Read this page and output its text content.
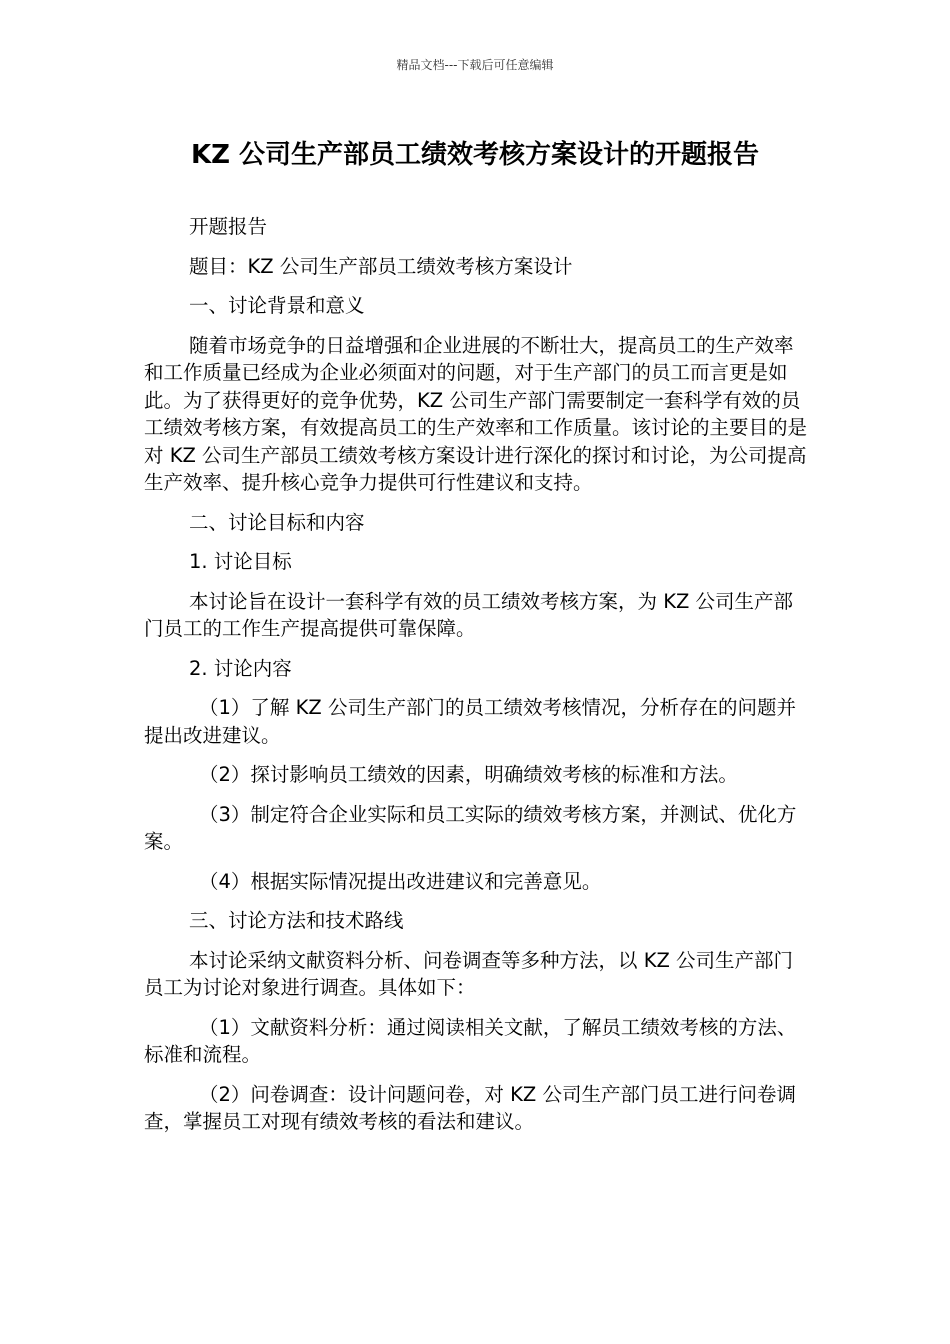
精品文档---下载后可任意编辑
KZ 公司生产部员工绩效考核方案设计的开题报告

开题报告

题目：KZ 公司生产部员工绩效考核方案设计

一、讨论背景和意义

随着市场竞争的日益增强和企业进展的不断壮大，提高员工的生产效率和工作质量已经成为企业必须面对的问题，对于生产部门的员工而言更是如此。为了获得更好的竞争优势，KZ 公司生产部门需要制定一套科学有效的员工绩效考核方案，有效提高员工的生产效率和工作质量。该讨论的主要目的是对 KZ 公司生产部员工绩效考核方案设计进行深化的探讨和讨论，为公司提高生产效率、提升核心竞争力提供可行性建议和支持。

二、讨论目标和内容

1. 讨论目标

本讨论旨在设计一套科学有效的员工绩效考核方案，为 KZ 公司生产部门员工的工作生产提高提供可靠保障。

2. 讨论内容

（1）了解 KZ 公司生产部门的员工绩效考核情况，分析存在的问题并提出改进建议。

（2）探讨影响员工绩效的因素，明确绩效考核的标准和方法。

（3）制定符合企业实际和员工实际的绩效考核方案，并测试、优化方案。

（4）根据实际情况提出改进建议和完善意见。

三、讨论方法和技术路线

本讨论采纳文献资料分析、问卷调查等多种方法，以 KZ 公司生产部门员工为讨论对象进行调查。具体如下：

（1）文献资料分析：通过阅读相关文献，了解员工绩效考核的方法、标准和流程。

（2）问卷调查：设计问题问卷，对 KZ 公司生产部门员工进行问卷调查，掌握员工对现有绩效考核的看法和建议。
